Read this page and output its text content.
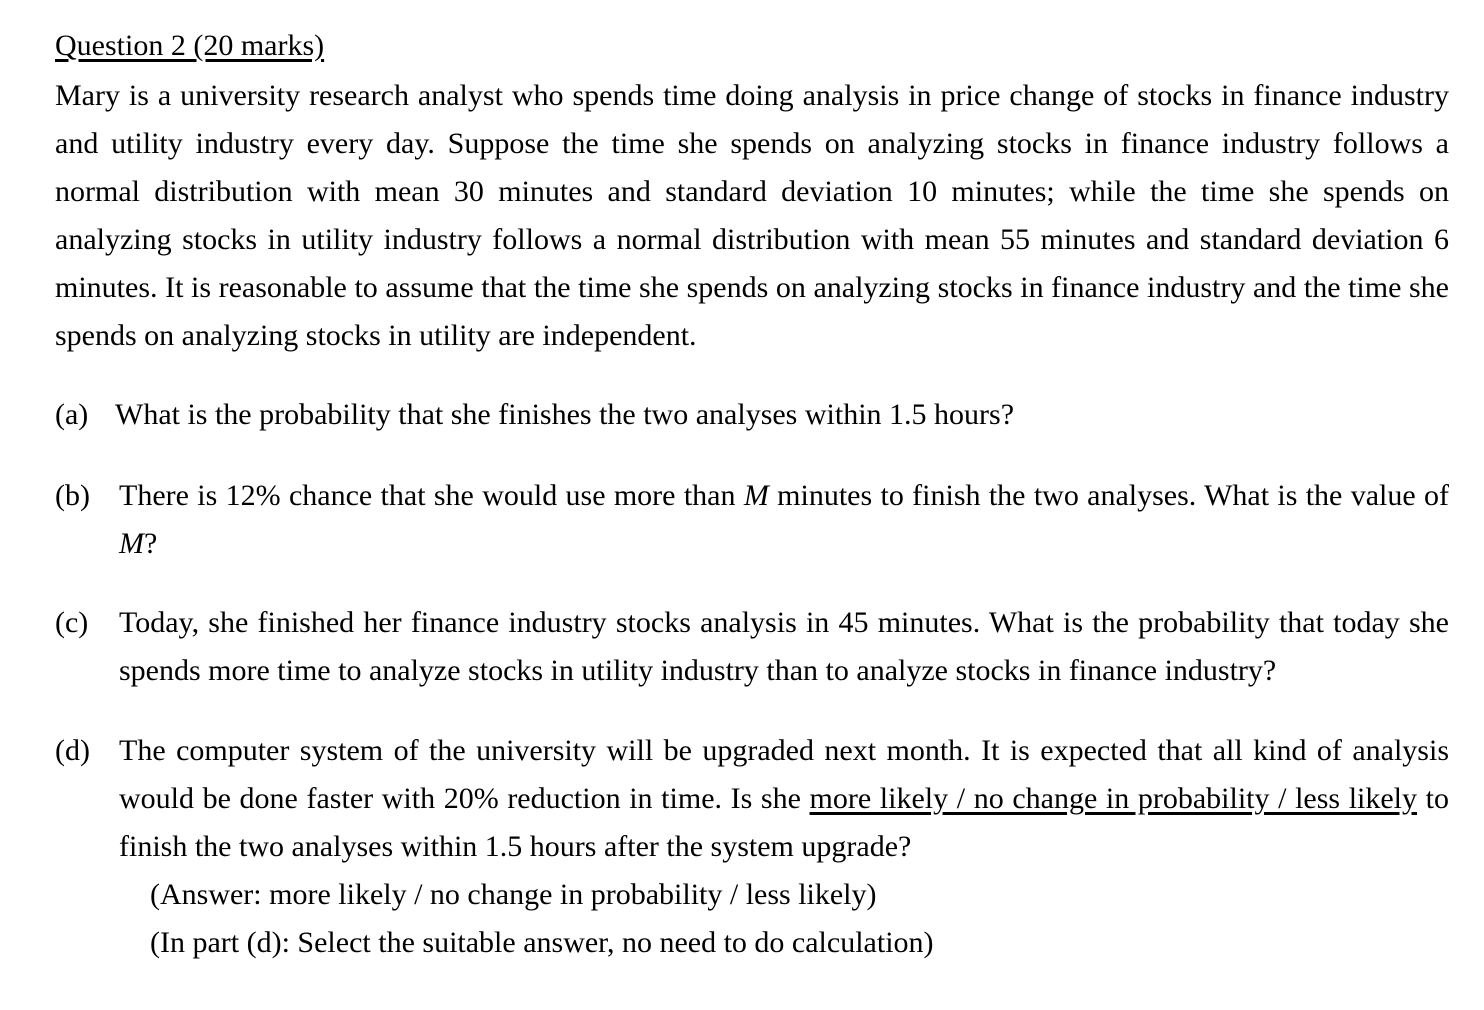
Question 2 (20 marks)
Mary is a university research analyst who spends time doing analysis in price change of stocks in finance industry and utility industry every day. Suppose the time she spends on analyzing stocks in finance industry follows a normal distribution with mean 30 minutes and standard deviation 10 minutes; while the time she spends on analyzing stocks in utility industry follows a normal distribution with mean 55 minutes and standard deviation 6 minutes. It is reasonable to assume that the time she spends on analyzing stocks in finance industry and the time she spends on analyzing stocks in utility are independent.
(a) What is the probability that she finishes the two analyses within 1.5 hours?
(b) There is 12% chance that she would use more than M minutes to finish the two analyses. What is the value of M?
(c) Today, she finished her finance industry stocks analysis in 45 minutes. What is the probability that today she spends more time to analyze stocks in utility industry than to analyze stocks in finance industry?
(d) The computer system of the university will be upgraded next month. It is expected that all kind of analysis would be done faster with 20% reduction in time. Is she more likely / no change in probability / less likely to finish the two analyses within 1.5 hours after the system upgrade?
(Answer: more likely / no change in probability / less likely)
(In part (d): Select the suitable answer, no need to do calculation)
